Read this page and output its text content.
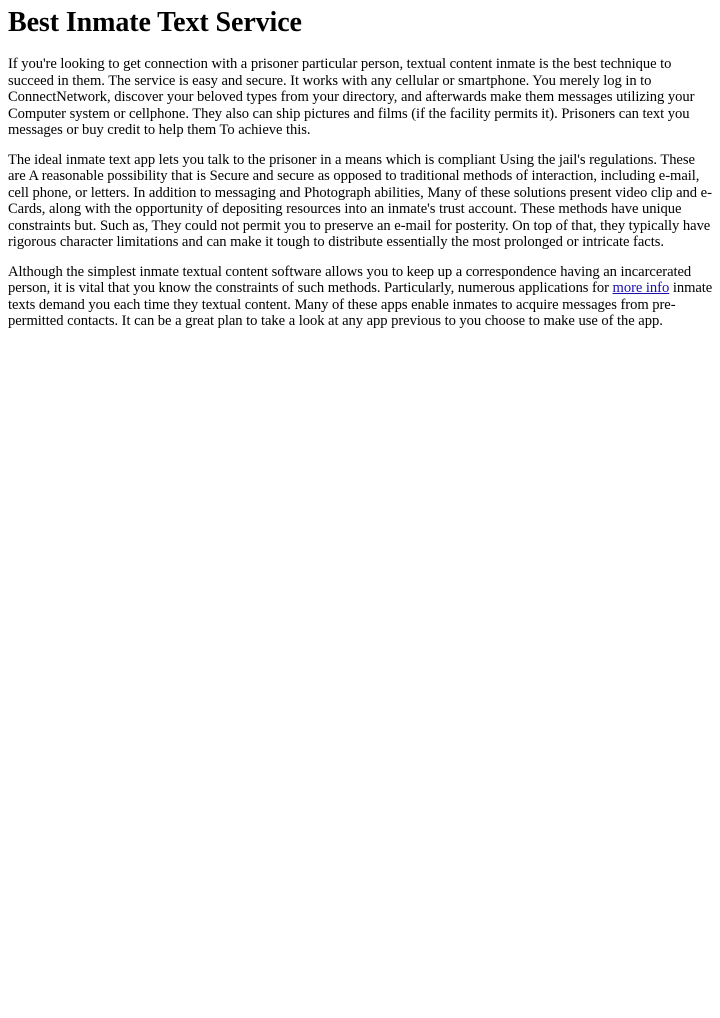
Best Inmate Text Service

If you're looking to get connection with a prisoner particular person, textual content inmate is the best technique to succeed in them. The service is easy and secure. It works with any cellular or smartphone. You merely log in to ConnectNetwork, discover your beloved types from your directory, and afterwards make them messages utilizing your Computer system or cellphone. They also can ship pictures and films (if the facility permits it). Prisoners can text you messages or buy credit to help them To achieve this.

The ideal inmate text app lets you talk to the prisoner in a means which is compliant Using the jail's regulations. These are A reasonable possibility that is Secure and secure as opposed to traditional methods of interaction, including e-mail, cell phone, or letters. In addition to messaging and Photograph abilities, Many of these solutions present video clip and e-Cards, along with the opportunity of depositing resources into an inmate's trust account. These methods have unique constraints but. Such as, They could not permit you to preserve an e-mail for posterity. On top of that, they typically have rigorous character limitations and can make it tough to distribute essentially the most prolonged or intricate facts.

Although the simplest inmate textual content software allows you to keep up a correspondence having an incarcerated person, it is vital that you know the constraints of such methods. Particularly, numerous applications for more info inmate texts demand you each time they textual content. Many of these apps enable inmates to acquire messages from pre-permitted contacts. It can be a great plan to take a look at any app previous to you choose to make use of the app.
